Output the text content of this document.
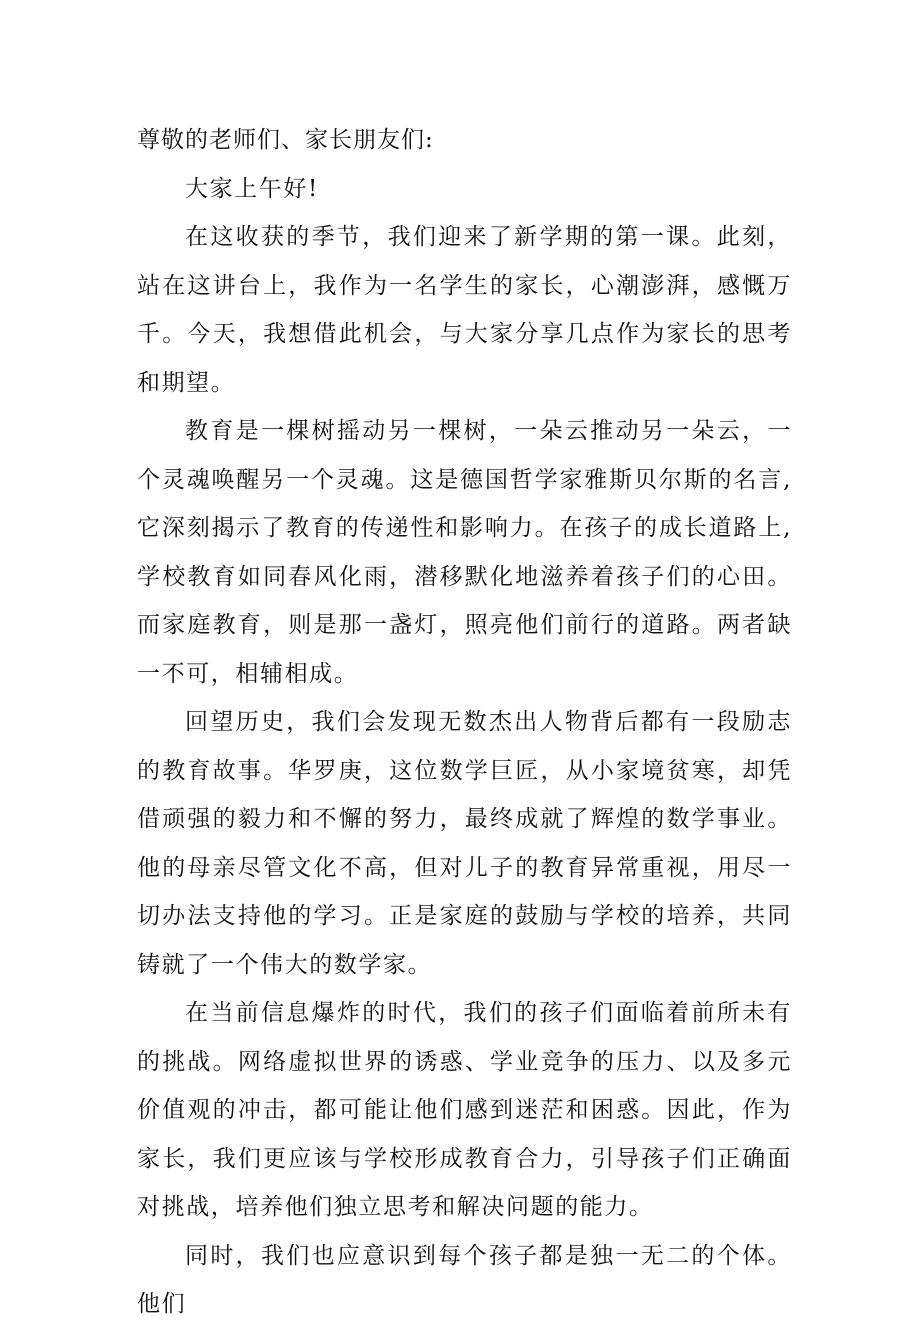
尊敬的老师们、家长朋友们:

大家上午好!

在这收获的季节，我们迎来了新学期的第一课。此刻，站在这讲台上，我作为一名学生的家长，心潮澎湃，感慨万千。今天，我想借此机会，与大家分享几点作为家长的思考和期望。

教育是一棵树摇动另一棵树，一朵云推动另一朵云，一个灵魂唤醒另一个灵魂。这是德国哲学家雅斯贝尔斯的名言,它深刻揭示了教育的传递性和影响力。在孩子的成长道路上,学校教育如同春风化雨，潜移默化地滋养着孩子们的心田。而家庭教育，则是那一盏灯，照亮他们前行的道路。两者缺一不可，相辅相成。

回望历史，我们会发现无数杰出人物背后都有一段励志的教育故事。华罗庚，这位数学巨匠，从小家境贫寒，却凭借顽强的毅力和不懈的努力，最终成就了辉煌的数学事业。他的母亲尽管文化不高，但对儿子的教育异常重视，用尽一切办法支持他的学习。正是家庭的鼓励与学校的培养，共同铸就了一个伟大的数学家。

在当前信息爆炸的时代，我们的孩子们面临着前所未有的挑战。网络虚拟世界的诱惑、学业竞争的压力、以及多元价值观的冲击，都可能让他们感到迷茫和困惑。因此，作为家长，我们更应该与学校形成教育合力，引导孩子们正确面对挑战，培养他们独立思考和解决问题的能力。

同时，我们也应意识到每个孩子都是独一无二的个体。他们
